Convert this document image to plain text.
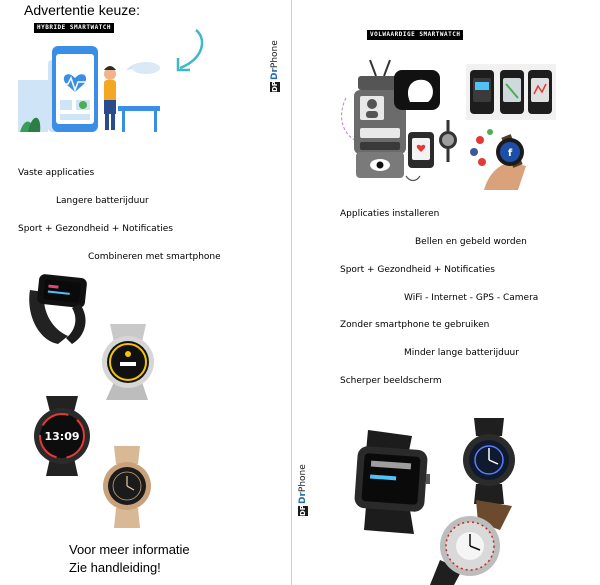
Advertentie keuze:
HYBRIDE SMARTWATCH
DP
DrPhone
Vaste applicaties
Langere batterijduur
Sport + Gezondheid + Notificaties
Combineren met smartphone
13:09
Voor meer informatie
Zie handleiding!
VOLWAARDIGE SMARTWATCH
f
Applicaties installeren
Bellen en gebeld worden
Sport + Gezondheid + Notificaties
WiFi - Internet - GPS - Camera
Zonder smartphone te gebruiken
Minder lange batterijduur
Scherper beeldscherm
DP
DrPhone
